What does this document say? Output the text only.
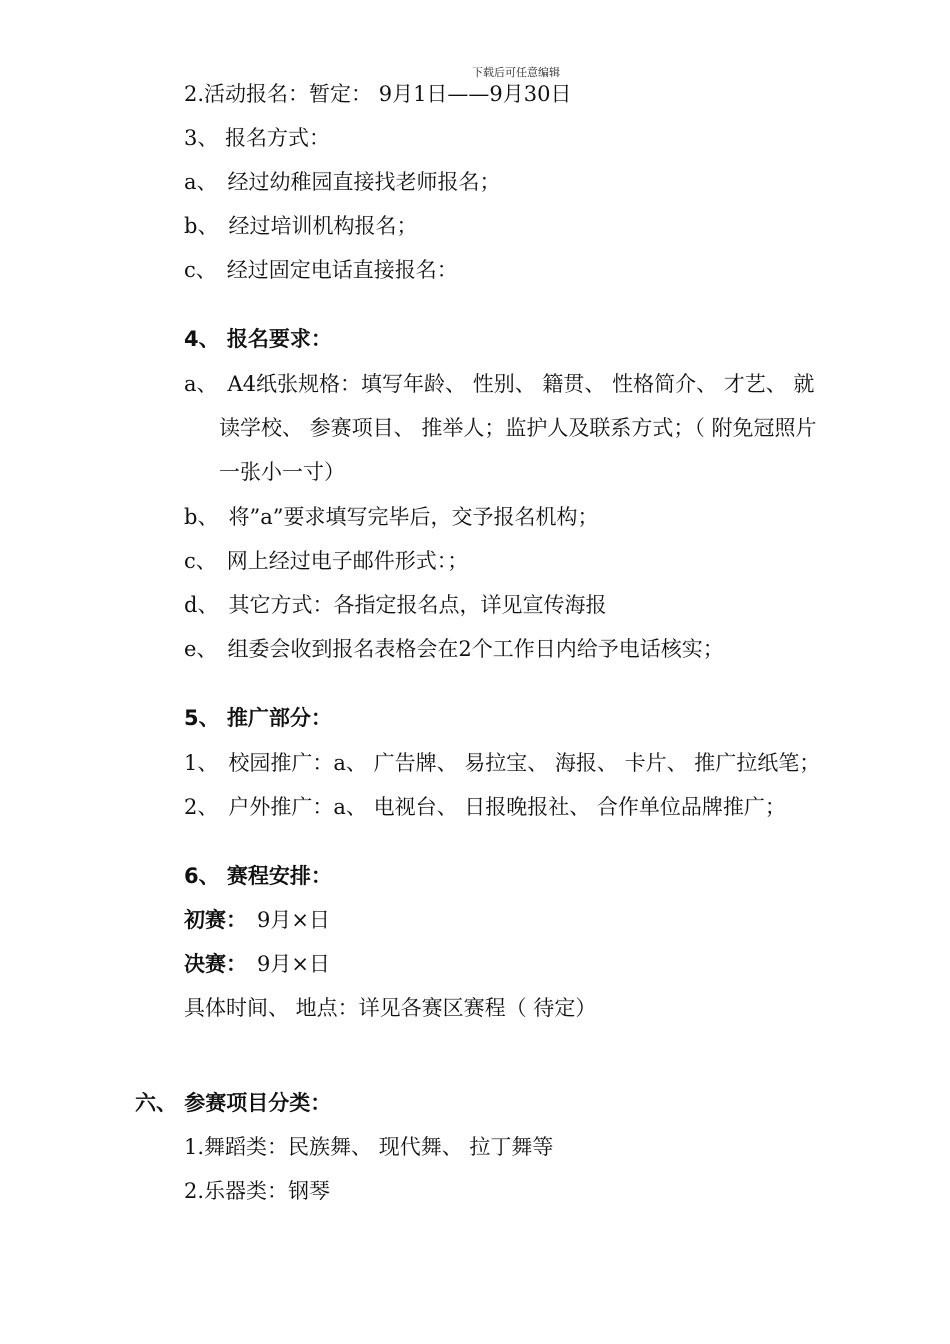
下载后可任意编辑
2.活动报名：暂定： 9月1日——9月30日
3、 报名方式：
a、 经过幼稚园直接找老师报名；
b、 经过培训机构报名；
c、 经过固定电话直接报名：
4、 报名要求：
a、 A4纸张规格：填写年龄、 性别、 籍贯、 性格简介、 才艺、 就
读学校、 参赛项目、 推举人；监护人及联系方式；（ 附免冠照片
一张小一寸）
b、 将”a”要求填写完毕后，交予报名机构；
c、 网上经过电子邮件形式：；
d、 其它方式：各指定报名点，详见宣传海报
e、 组委会收到报名表格会在2个工作日内给予电话核实；
5、 推广部分：
1、 校园推广：a、 广告牌、 易拉宝、 海报、 卡片、 推广拉纸笔；
2、 户外推广：a、 电视台、 日报晚报社、 合作单位品牌推广；
6、 赛程安排：
初赛： 9月×日
决赛： 9月×日
具体时间、 地点：详见各赛区赛程（ 待定）
六、 参赛项目分类：
1.舞蹈类：民族舞、 现代舞、 拉丁舞等
2.乐器类：钢琴
